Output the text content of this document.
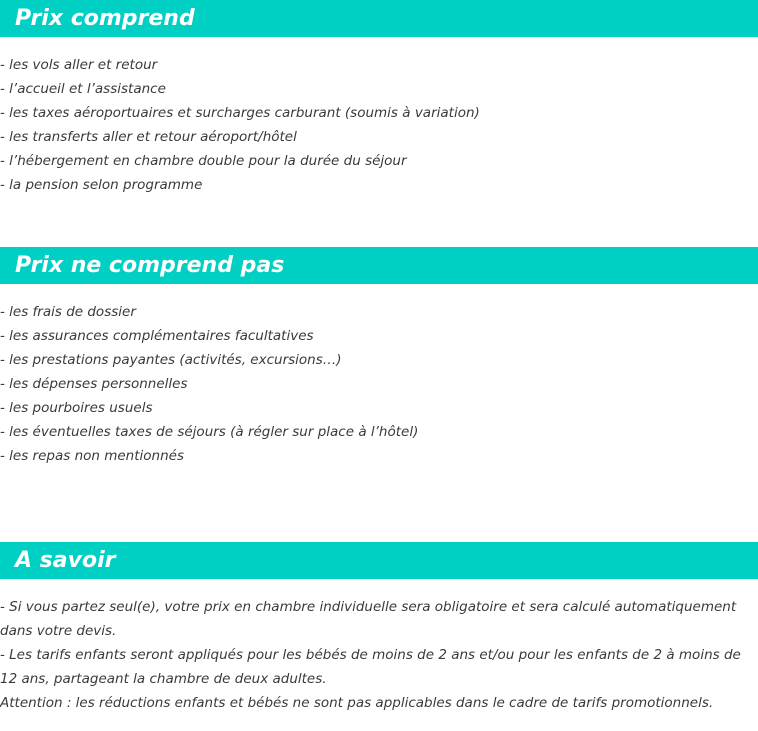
Prix comprend
- les vols aller et retour
- l’accueil et l’assistance
- les taxes aéroportuaires et surcharges carburant (soumis à variation)
- les transferts aller et retour aéroport/hôtel
- l’hébergement en chambre double pour la durée du séjour
- la pension selon programme
Prix ne comprend pas
- les frais de dossier
- les assurances complémentaires facultatives
- les prestations payantes (activités, excursions…)
- les dépenses personnelles
- les pourboires usuels
- les éventuelles taxes de séjours (à régler sur place à l’hôtel)
- les repas non mentionnés
A savoir

- Si vous partez seul(e), votre prix en chambre individuelle sera obligatoire et sera calculé automatiquement dans votre devis.

- Les tarifs enfants seront appliqués pour les bébés de moins de 2 ans et/ou pour les enfants de 2 à moins de 12 ans, partageant la chambre de deux adultes.

Attention : les réductions enfants et bébés ne sont pas applicables dans le cadre de tarifs promotionnels.
